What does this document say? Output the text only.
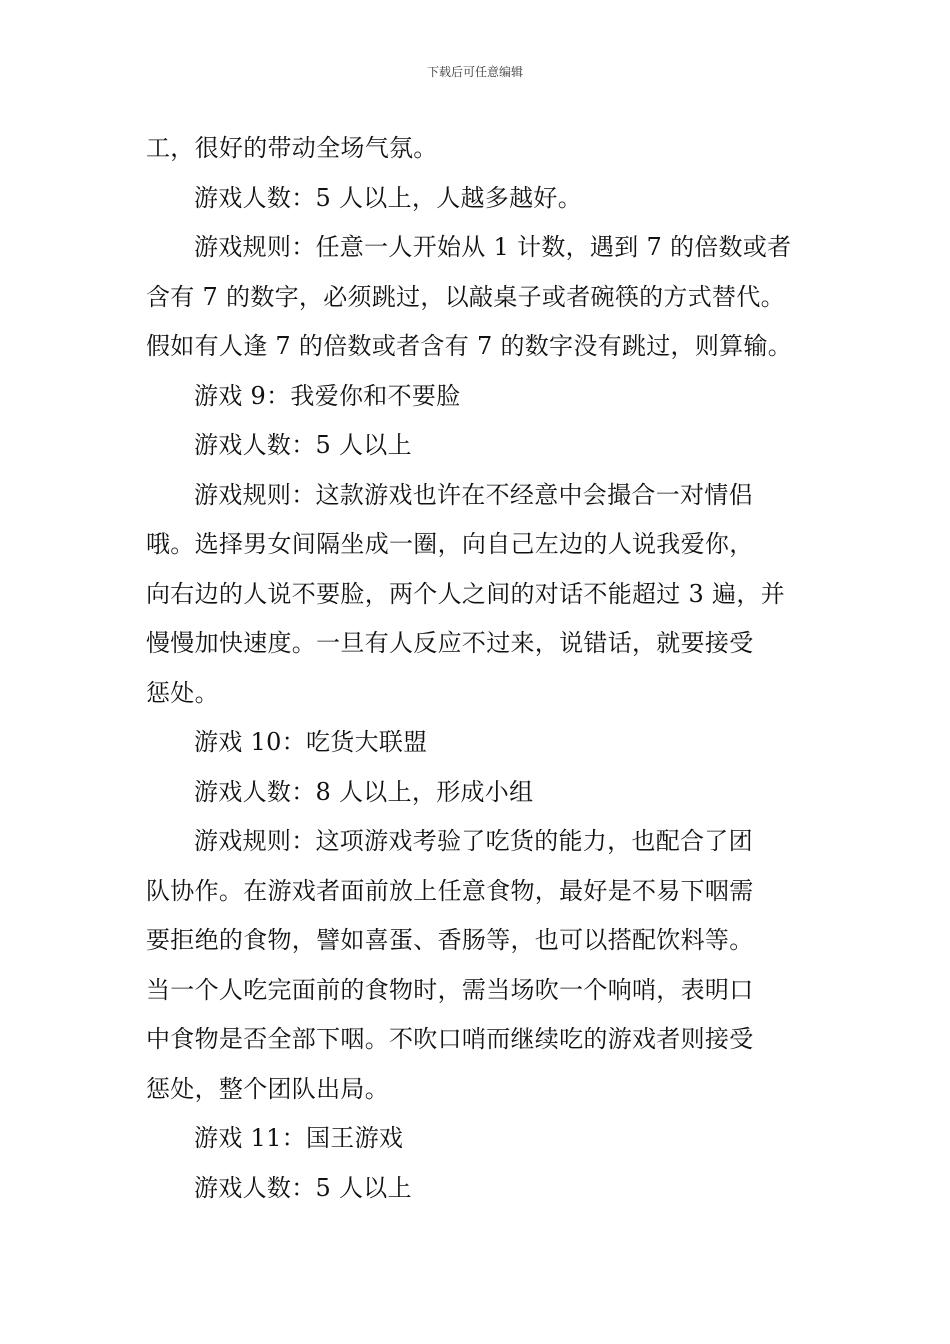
下载后可任意编辑
工，很好的带动全场气氛。
游戏人数：5 人以上，人越多越好。
游戏规则：任意一人开始从 1 计数，遇到 7 的倍数或者
含有 7 的数字，必须跳过，以敲桌子或者碗筷的方式替代。
假如有人逢 7 的倍数或者含有 7 的数字没有跳过，则算输。
游戏 9：我爱你和不要脸
游戏人数：5 人以上
游戏规则：这款游戏也许在不经意中会撮合一对情侣
哦。选择男女间隔坐成一圈，向自己左边的人说我爱你，
向右边的人说不要脸，两个人之间的对话不能超过 3 遍，并
慢慢加快速度。一旦有人反应不过来，说错话，就要接受
惩处。
游戏 10：吃货大联盟
游戏人数：8 人以上，形成小组
游戏规则：这项游戏考验了吃货的能力，也配合了团
队协作。在游戏者面前放上任意食物，最好是不易下咽需
要拒绝的食物，譬如喜蛋、香肠等，也可以搭配饮料等。
当一个人吃完面前的食物时，需当场吹一个响哨，表明口
中食物是否全部下咽。不吹口哨而继续吃的游戏者则接受
惩处，整个团队出局。
游戏 11：国王游戏
游戏人数：5 人以上
